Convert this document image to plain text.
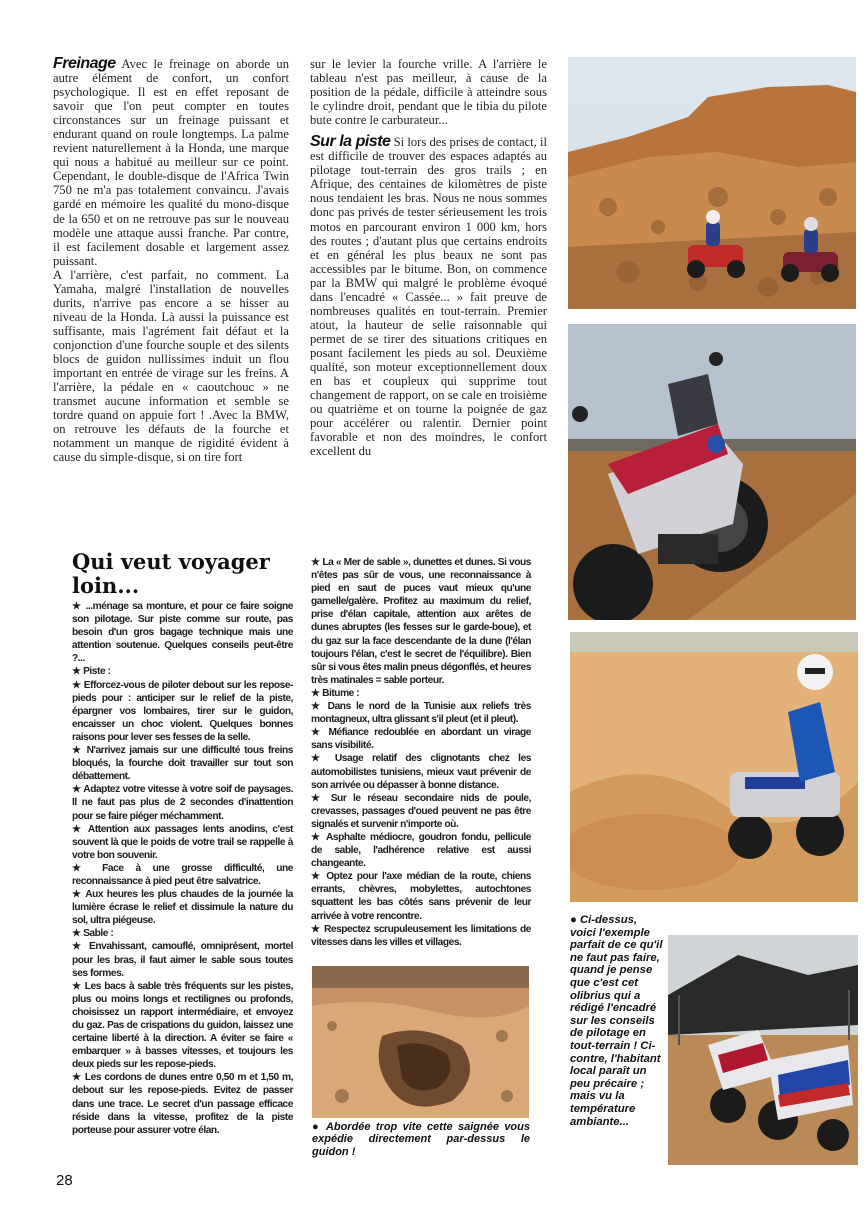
Freinage Avec le freinage on aborde un autre élément de confort, un confort psychologique. Il est en effet reposant de savoir que l'on peut compter en toutes circonstances sur un freinage puissant et endurant quand on roule longtemps. La palme revient naturellement à la Honda, une marque qui nous a habitué au meilleur sur ce point. Cependant, le double-disque de l'Africa Twin 750 ne m'a pas totalement convaincu. J'avais gardé en mémoire les qualité du mono-disque de la 650 et on ne retrouve pas sur le nouveau modèle une attaque aussi franche. Par contre, il est facilement dosable et largement assez puissant.
A l'arrière, c'est parfait, no comment. La Yamaha, malgré l'installation de nouvelles durits, n'arrive pas encore a se hisser au niveau de la Honda. Là aussi la puissance est suffisante, mais l'agrément fait défaut et la conjonction d'une fourche souple et des silents blocs de guidon nullissimes induit un flou important en entrée de virage sur les freins. A l'arrière, la pédale en « caoutchouc » ne transmet aucune information et semble se tordre quand on appuie fort ! .Avec la BMW, on retrouve les défauts de la fourche et notamment un manque de rigidité évident à cause du simple-disque, si on tire fort
sur le levier la fourche vrille. A l'arrière le tableau n'est pas meilleur, à cause de la position de la pédale, difficile à atteindre sous le cylindre droit, pendant que le tibia du pilote bute contre le carburateur...

Sur la piste Si lors des prises de contact, il est difficile de trouver des espaces adaptés au pilotage tout-terrain des gros trails ; en Afrique, des centaines de kilomètres de piste nous tendaient les bras. Nous ne nous sommes donc pas privés de tester sérieusement les trois motos en parcourant environ 1 000 km, hors des routes ; d'autant plus que certains endroits et en général les plus beaux ne sont pas accessibles par le bitume. Bon, on commence par la BMW qui malgré le problème évoqué dans l'encadré « Cassée... » fait preuve de nombreuses qualités en tout-terrain. Premier atout, la hauteur de selle raisonnable qui permet de se tirer des situations critiques en posant facilement les pieds au sol. Deuxième qualité, son moteur exceptionnellement doux en bas et coupleux qui supprime tout changement de rapport, on se cale en troisième ou quatrième et on tourne la poignée de gaz pour accélérer ou ralentir. Dernier point favorable et non des moindres, le confort excellent du
● Ci-dessus, voici l'exemple parfait de ce qu'il ne faut pas faire, quand je pense que c'est cet olibrius qui a rédigé l'encadré sur les conseils de pilotage en tout-terrain ! Ci-contre, l'habitant local paraît un peu précaire ; mais vu la température ambiante...
Qui veut voyager loin...

★ ...ménage sa monture, et pour ce faire soigne son pilotage. Sur piste comme sur route, pas besoin d'un gros bagage technique mais une attention soutenue. Quelques conseils peut-être ?...

★ Piste :

★ Efforcez-vous de piloter debout sur les repose-pieds pour : anticiper sur le relief de la piste, épargner vos lombaires, tirer sur le guidon, encaisser un choc violent. Quelques bonnes raisons pour lever ses fesses de la selle.

★ N'arrivez jamais sur une difficulté tous freins bloqués, la fourche doit travailler sur tout son débattement.

★ Adaptez votre vitesse à votre soif de paysages. Il ne faut pas plus de 2 secondes d'inattention pour se faire piéger méchamment.

★ Attention aux passages lents anodins, c'est souvent là que le poids de votre trail se rappelle à votre bon souvenir.

★ Face à une grosse difficulté, une reconnaissance à pied peut être salvatrice.

★ Aux heures les plus chaudes de la journée la lumière écrase le relief et dissimule la nature du sol, ultra piégeuse.

★ Sable :

★ Envahissant, camouflé, omniprésent, mortel pour les bras, il faut aimer le sable sous toutes ses formes.

★ Les bacs à sable très fréquents sur les pistes, plus ou moins longs et rectilignes ou profonds, choisissez un rapport intermédiaire, et envoyez du gaz. Pas de crispations du guidon, laissez une certaine liberté à la direction. A éviter se faire « embarquer » à basses vitesses, et toujours les deux pieds sur les repose-pieds.

★ Les cordons de dunes entre 0,50 m et 1,50 m, debout sur les repose-pieds. Evitez de passer dans une trace. Le secret d'un passage efficace réside dans la vitesse, profitez de la piste porteuse pour assurer votre élan.

★ La « Mer de sable », dunettes et dunes. Si vous n'êtes pas sûr de vous, une reconnaissance à pied en saut de puces vaut mieux qu'une gamelle/galère. Profitez au maximum du relief, prise d'élan capitale, attention aux arêtes de dunes abruptes (les fesses sur le garde-boue), et du gaz sur la face descendante de la dune (l'élan toujours l'élan, c'est le secret de l'équilibre). Bien sûr si vous êtes malin pneus dégonflés, et heures très matinales = sable porteur.

★ Bitume :

★ Dans le nord de la Tunisie aux reliefs très montagneux, ultra glissant s'il pleut (et il pleut).

★ Méfiance redoublée en abordant un virage sans visibilité.

★ Usage relatif des clignotants chez les automobilistes tunisiens, mieux vaut prévenir de son arrivée ou dépasser à bonne distance.

★ Sur le réseau secondaire nids de poule, crevasses, passages d'oued peuvent ne pas être signalés et survenir n'importe où.

★ Asphalte médiocre, goudron fondu, pellicule de sable, l'adhérence relative est aussi changeante.

★ Optez pour l'axe médian de la route, chiens errants, chèvres, mobylettes, autochtones squattent les bas côtés sans prévenir de leur arrivée à votre rencontre.

★ Respectez scrupuleusement les limitations de vitesses dans les villes et villages.

● Abordée trop vite cette saignée vous expédie directement par-dessus le guidon !
28
